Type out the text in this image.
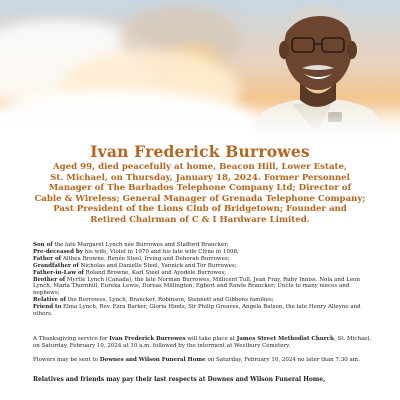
Ivan Frederick Burrowes
Aged 99, died peacefully at home, Beacon Hill, Lower Estate,
St. Michael, on Thursday, January 18, 2024. Former Personnel
Manager of The Barbados Telephone Company Ltd; Director of
Cable & Wireless; General Manager of Grenada Telephone Company;
Past President of the Lions Club of Bridgetown; Founder and
Retired Chairman of C & I Hardware Limited.
Son of the late Margaret Lynch née Burrowes and Stafford Brancker;
Pre-deceased by his wife, Violet in 1970 and his late wife Clyne in 1998;
Father of Althea Browne, Renée Steel, Irving and Deborah Burrowes;
Grandfather of Nicholas and Danielle Steel, Yannick and Tor Burrowes;
Father-in-Law of Roland Browne, Karl Steel and Ayodele Burrowes;
Brother of Myrtle Lynch (Canada), the late Norman Burrowes, Millicent Tull, Jean Fray, Ruby Inniss, Nola and Leon Lynch, Maria Thornhill, Eureka Lewis, Doreas Millington, Egbert and Rawle Brancker; Uncle to many nieces and nephews;
Relative of the Burrowes, Lynch, Brancker, Robinson, Stennett and Gibbons families;
Friend to Elma Lynch, Rev. Ezra Barker, Gloria Hinds, Sir Philip Greaves, Angela Batson, the late Henry Alleyne and others.
A Thanksgiving service for Ivan Frederick Burrowes will take place at James Street Methodist Church, St. Michael, on Saturday, February 10, 2024 at 10 a.m. followed by the interment at Westbury Cemetery.
Flowers may be sent to Downes and Wilson Funeral Home on Saturday, February 10, 2024 no later than 7:30 am.
Relatives and friends may pay their last respects at Downes and Wilson Funeral Home,
